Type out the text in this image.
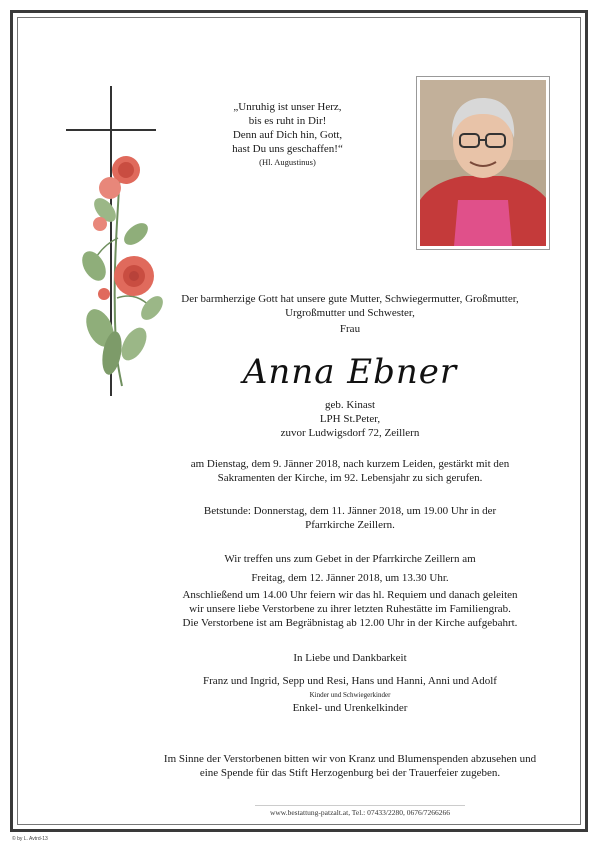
„Unruhig ist unser Herz,
bis es ruht in Dir!
Denn auf Dich hin, Gott,
hast Du uns geschaffen!“
(Hl. Augustinus)
Der barmherzige Gott hat unsere gute Mutter, Schwiegermutter, Großmutter,
Urgroßmutter und Schwester,
Frau
Anna Ebner
geb. Kinast
LPH St.Peter,
zuvor Ludwigsdorf 72, Zeillern
am Dienstag, dem 9. Jänner 2018, nach kurzem Leiden, gestärkt mit den
Sakramenten der Kirche, im 92. Lebensjahr zu sich gerufen.
Betstunde: Donnerstag, dem 11. Jänner 2018, um 19.00 Uhr in der
Pfarrkirche Zeillern.
Wir treffen uns zum Gebet in der Pfarrkirche Zeillern am
Freitag, dem 12. Jänner 2018, um 13.30 Uhr.
Anschließend um 14.00 Uhr feiern wir das hl. Requiem und danach geleiten
wir unsere liebe Verstorbene zu ihrer letzten Ruhestätte im Familiengrab.
Die Verstorbene ist am Begräbnistag ab 12.00 Uhr in der Kirche aufgebahrt.
In Liebe und Dankbarkeit
Franz und Ingrid, Sepp und Resi, Hans und Hanni, Anni und Adolf
Kinder und Schwiegerkinder
Enkel- und Urenkelkinder
Im Sinne der Verstorbenen bitten wir von Kranz und Blumenspenden abzusehen und
eine Spende für das Stift Herzogenburg bei der Trauerfeier zugeben.
www.bestattung-patzalt.at, Tel.: 07433/2280, 0676/7266266
© by L. Avtrd-13
